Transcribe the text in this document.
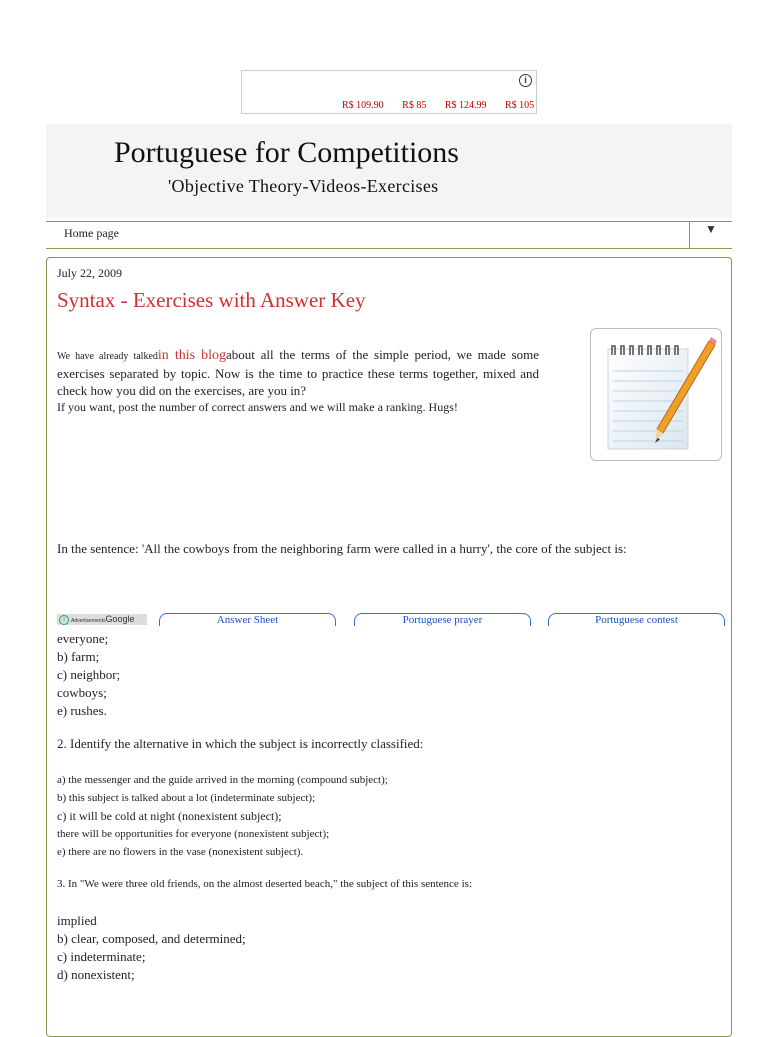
i
R$ 109.90 R$ 85 R$ 124.99 R$ 105
Portuguese for Competitions
'Objective Theory-Videos-Exercises
Home page	▼
July 22, 2009
Syntax - Exercises with Answer Key
We have already talkedin this blogabout all the terms of the simple period, we made some exercises separated by topic. Now is the time to practice these terms together, mixed and check how you did on the exercises, are you in?
If you want, post the number of correct answers and we will make a ranking. Hugs!
In the sentence: 'All the cowboys from the neighboring farm were called in a hurry', the core of the subject is:
i AdvertisementsGoogle	Answer Sheet	Portuguese prayer	Portuguese contest
everyone;
b) farm;
c) neighbor;
cowboys;
e) rushes.
2. Identify the alternative in which the subject is incorrectly classified:
a) the messenger and the guide arrived in the morning (compound subject);
b) this subject is talked about a lot (indeterminate subject);
c) it will be cold at night (nonexistent subject);
there will be opportunities for everyone (nonexistent subject);
e) there are no flowers in the vase (nonexistent subject).
3. In "We were three old friends, on the almost deserted beach," the subject of this sentence is:
implied
b) clear, composed, and determined;
c) indeterminate;
d) nonexistent;
